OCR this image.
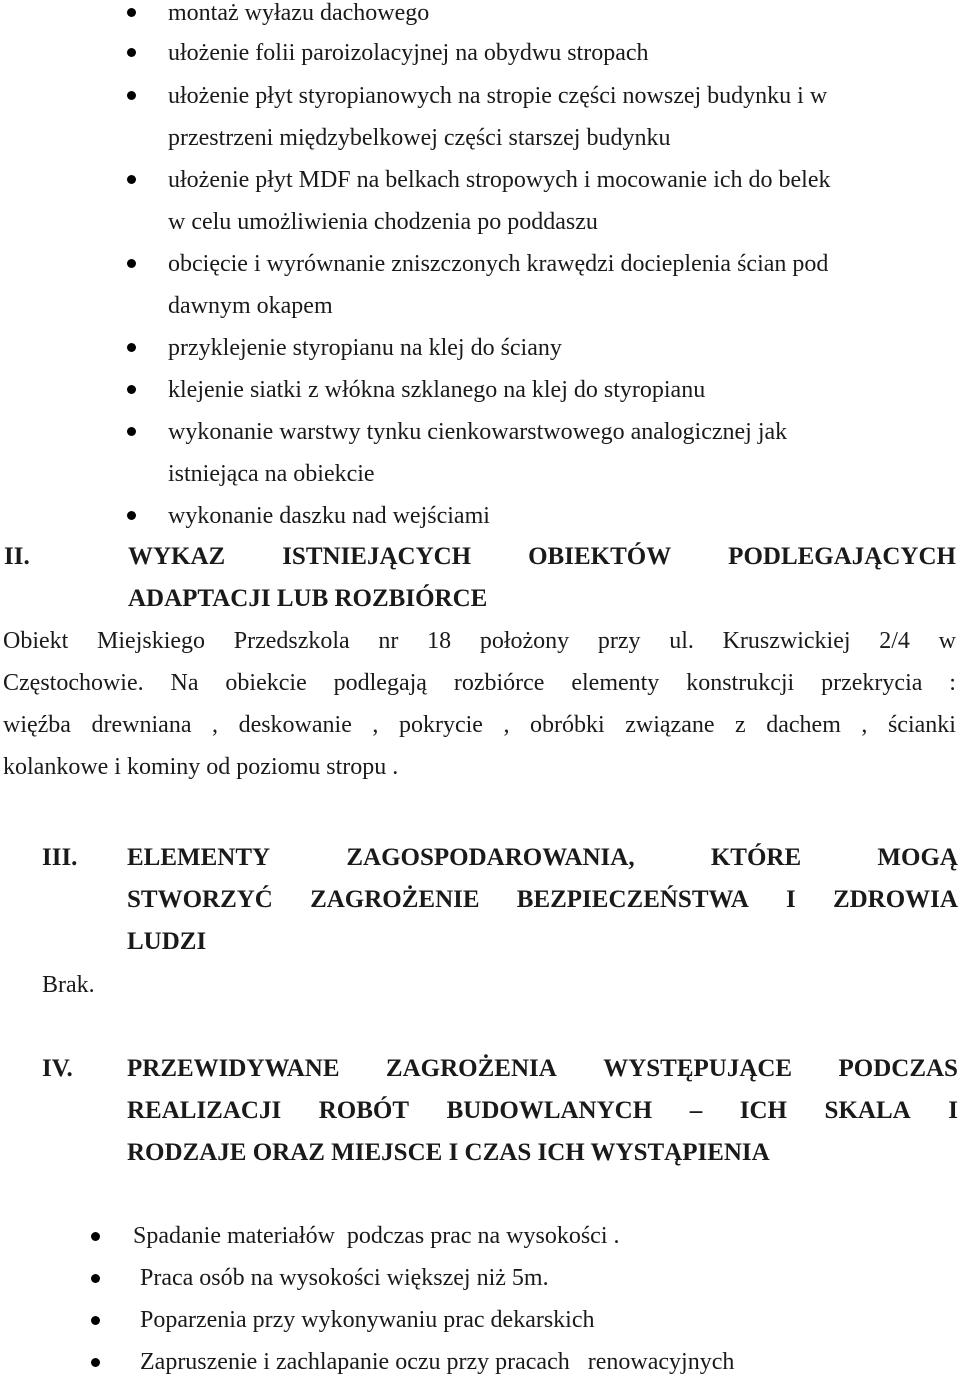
montaż wyłazu dachowego
ułożenie folii paroizolacyjnej na obydwu stropach
ułożenie płyt styropianowych na stropie części nowszej budynku i w
przestrzeni międzybelkowej części starszej budynku
ułożenie płyt MDF na belkach stropowych i mocowanie ich do belek
w celu umożliwienia chodzenia po poddaszu
obcięcie i wyrównanie zniszczonych krawędzi docieplenia ścian pod
dawnym okapem
przyklejenie styropianu na klej do ściany
klejenie siatki z włókna szklanego na klej do styropianu
wykonanie warstwy tynku cienkowarstwowego analogicznej jak
istniejąca na obiekcie
wykonanie daszku nad wejściami
II.	WYKAZ ISTNIEJĄCYCH OBIEKTÓW PODLEGAJĄCYCH
ADAPTACJI LUB ROZBIÓRCE
Obiekt Miejskiego Przedszkola nr 18 położony przy ul. Kruszwickiej 2/4 w
Częstochowie. Na obiekcie podlegają rozbiórce elementy konstrukcji przekrycia :
więźba drewniana , deskowanie , pokrycie , obróbki związane z dachem , ścianki
kolankowe i kominy od poziomu stropu .
III. ELEMENTY	ZAGOSPODAROWANIA,	KTÓRE	MOGĄ
STWORZYĆ ZAGROŻENIE BEZPIECZEŃSTWA I ZDROWIA
LUDZI
Brak.
IV. PRZEWIDYWANE ZAGROŻENIA WYSTĘPUJĄCE PODCZAS
REALIZACJI ROBÓT BUDOWLANYCH – ICH SKALA I
RODZAJE ORAZ MIEJSCE I CZAS ICH WYSTĄPIENIA
Spadanie materiałów  podczas prac na wysokości .
Praca osób na wysokości większej niż 5m.
Poparzenia przy wykonywaniu prac dekarskich
Zapruszenie i zachlapanie oczu przy pracach   renowacyjnych
